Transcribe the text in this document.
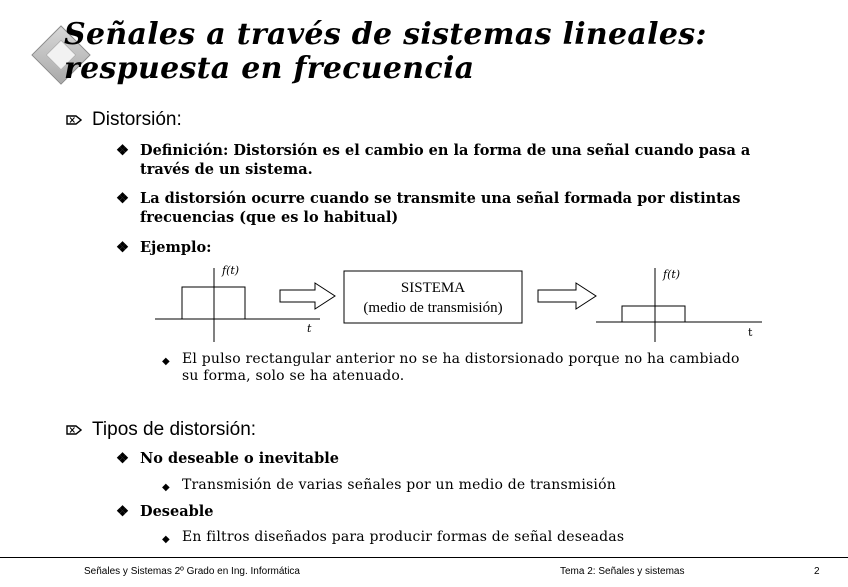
Señales a través de sistemas lineales:
respuesta en frecuencia
Distorsión:
❖ Definición: Distorsión es el cambio en la forma de una señal cuando pasa a
través de un sistema.
❖ La distorsión ocurre cuando se transmite una señal formada por distintas
frecuencias (que es lo habitual)
❖ Ejemplo:
f(t)
t
SISTEMA
(medio de transmisión)
f(t)
t
◆ El pulso rectangular anterior no se ha distorsionado porque no ha cambiado
su forma, solo se ha atenuado.
Tipos de distorsión:
❖ No deseable o inevitable
◆ Transmisión de varias señales por un medio de transmisión
❖ Deseable
◆ En filtros diseñados para producir formas de señal deseadas
Señales y Sistemas 2º Grado en Ing. Informática	Tema 2: Señales y sistemas	2
